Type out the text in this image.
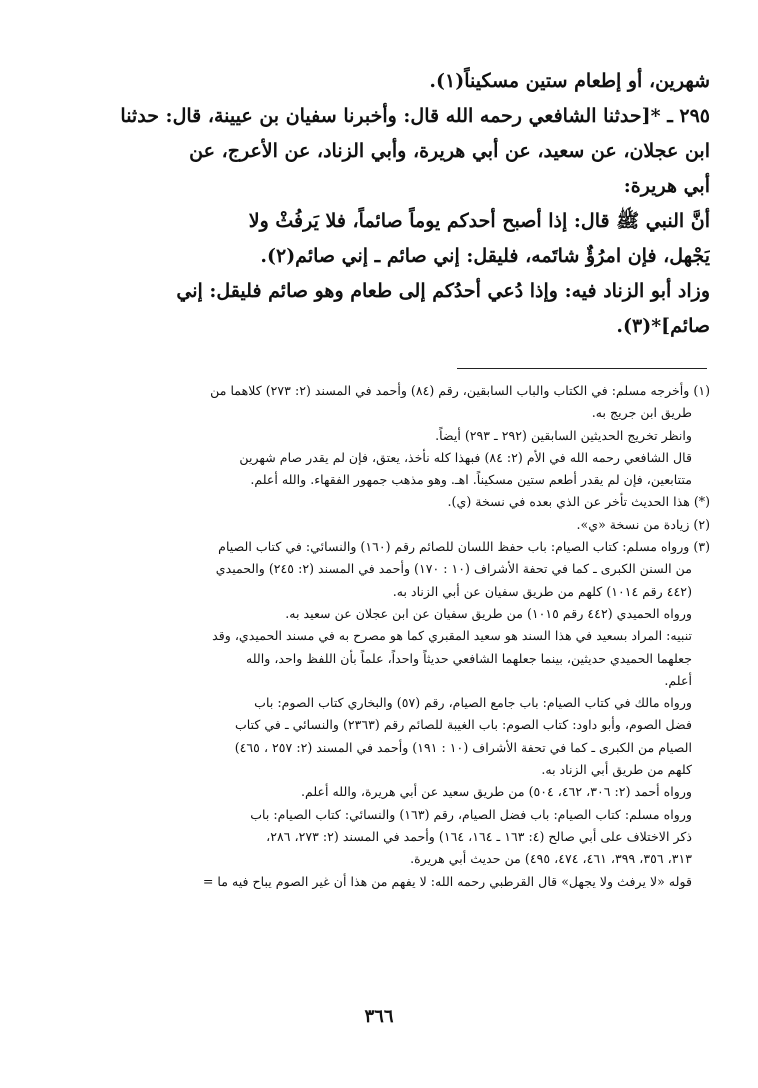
شهرين، أو إطعام ستين مسكيناً(١).
٢٩٥ ـ *[حدثنا الشافعي رحمه الله قال: وأخبرنا سفيان بن عيينة، قال: حدثنا
ابن عجلان، عن سعيد، عن أبي هريرة، وأبي الزناد، عن الأعرج، عن
أبي هريرة:
أنَّ النبي ﷺ قال: إذا أصبح أحدكم يوماً صائماً، فلا يَرفُثْ ولا
يَجْهل، فإن امرُؤٌ شاتَمه، فليقل: إني صائم ـ إني صائم(٢).
وزاد أبو الزناد فيه: وإذا دُعي أحدُكم إلى طعام وهو صائم فليقل: إني
صائم]*(٣).
(١) وأخرجه مسلم: في الكتاب والباب السابقين، رقم (٨٤) وأحمد في المسند (٢: ٢٧٣) كلاهما من
طريق ابن جريج به.
وانظر تخريج الحديثين السابقين (٢٩٢ ـ ٢٩٣) أيضاً.
قال الشافعي رحمه الله في الأم (٢: ٨٤) فبهذا كله نأخذ، يعتق، فإن لم يقدر صام شهرين
متتابعين، فإن لم يقدر أطعم ستين مسكيناً. اهـ. وهو مذهب جمهور الفقهاء. والله أعلم.
(*) هذا الحديث تأخر عن الذي بعده في نسخة (ي).
(٢) زيادة من نسخة «ي».
(٣) ورواه مسلم: كتاب الصيام: باب حفظ اللسان للصائم رقم (١٦٠) والنسائي: في كتاب الصيام
من السنن الكبرى ـ كما في تحفة الأشراف (١٠ : ١٧٠) وأحمد في المسند (٢: ٢٤٥) والحميدي
(٤٤٢ رقم ١٠١٤) كلهم من طريق سفيان عن أبي الزناد به.
ورواه الحميدي (٤٤٢ رقم ١٠١٥) من طريق سفيان عن ابن عجلان عن سعيد به.
تنبيه: المراد بسعيد في هذا السند هو سعيد المقبري كما هو مصرح به في مسند الحميدي، وقد
جعلهما الحميدي حديثين، بينما جعلهما الشافعي حديثاً واحداً، علماً بأن اللفظ واحد، والله
أعلم.
ورواه مالك في كتاب الصيام: باب جامع الصيام، رقم (٥٧) والبخاري كتاب الصوم: باب
فضل الصوم، وأبو داود: كتاب الصوم: باب الغيبة للصائم رقم (٢٣٦٣) والنسائي ـ في كتاب
الصيام من الكبرى ـ كما في تحفة الأشراف (١٠ : ١٩١) وأحمد في المسند (٢: ٢٥٧ ، ٤٦٥)
كلهم من طريق أبي الزناد به.
ورواه أحمد (٢: ٣٠٦، ٤٦٢، ٥٠٤) من طريق سعيد عن أبي هريرة، والله أعلم.
ورواه مسلم: كتاب الصيام: باب فضل الصيام، رقم (١٦٣) والنسائي: كتاب الصيام: باب
ذكر الاختلاف على أبي صالح (٤: ١٦٣ ـ ١٦٤، ١٦٤) وأحمد في المسند (٢: ٢٧٣، ٢٨٦،
٣١٣، ٣٥٦، ٣٩٩، ٤٦١، ٤٧٤، ٤٩٥) من حديث أبي هريرة.
قوله «لا يرفث ولا يجهل» قال القرطبي رحمه الله: لا يفهم من هذا أن غير الصوم يباح فيه ما =
٣٦٦
